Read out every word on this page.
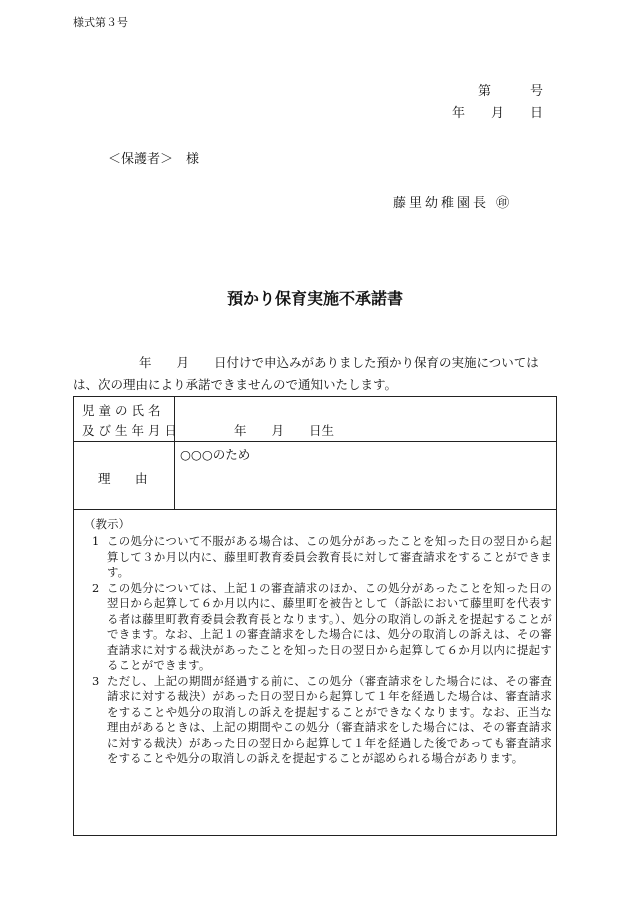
様式第３号
第　　　号
年　　月　　日
＜保護者＞　様
藤里幼稚園長 ㊞
預かり保育実施不承諾書

年　　月　　日付けで申込みがありました預かり保育の実施については

は、次の理由により承諾できませんので通知いたします。

児童の氏名
及び生年月日	年　　月　　日生
理　由
○○○のため
（教示）
1 この処分について不服がある場合は、この処分があったことを知った日の翌日から起算して３か月以内に、藤里町教育委員会教育長に対して審査請求をすることができます。
2 この処分については、上記１の審査請求のほか、この処分があったことを知った日の翌日から起算して６か月以内に、藤里町を被告として（訴訟において藤里町を代表する者は藤里町教育委員会教育長となります。）、処分の取消しの訴えを提起することができます。なお、上記１の審査請求をした場合には、処分の取消しの訴えは、その審査請求に対する裁決があったことを知った日の翌日から起算して６か月以内に提起することができます。
3 ただし、上記の期間が経過する前に、この処分（審査請求をした場合には、その審査請求に対する裁決）があった日の翌日から起算して１年を経過した場合は、審査請求をすることや処分の取消しの訴えを提起することができなくなります。なお、正当な理由があるときは、上記の期間やこの処分（審査請求をした場合には、その審査請求に対する裁決）があった日の翌日から起算して１年を経過した後であっても審査請求をすることや処分の取消しの訴えを提起することが認められる場合があります。
